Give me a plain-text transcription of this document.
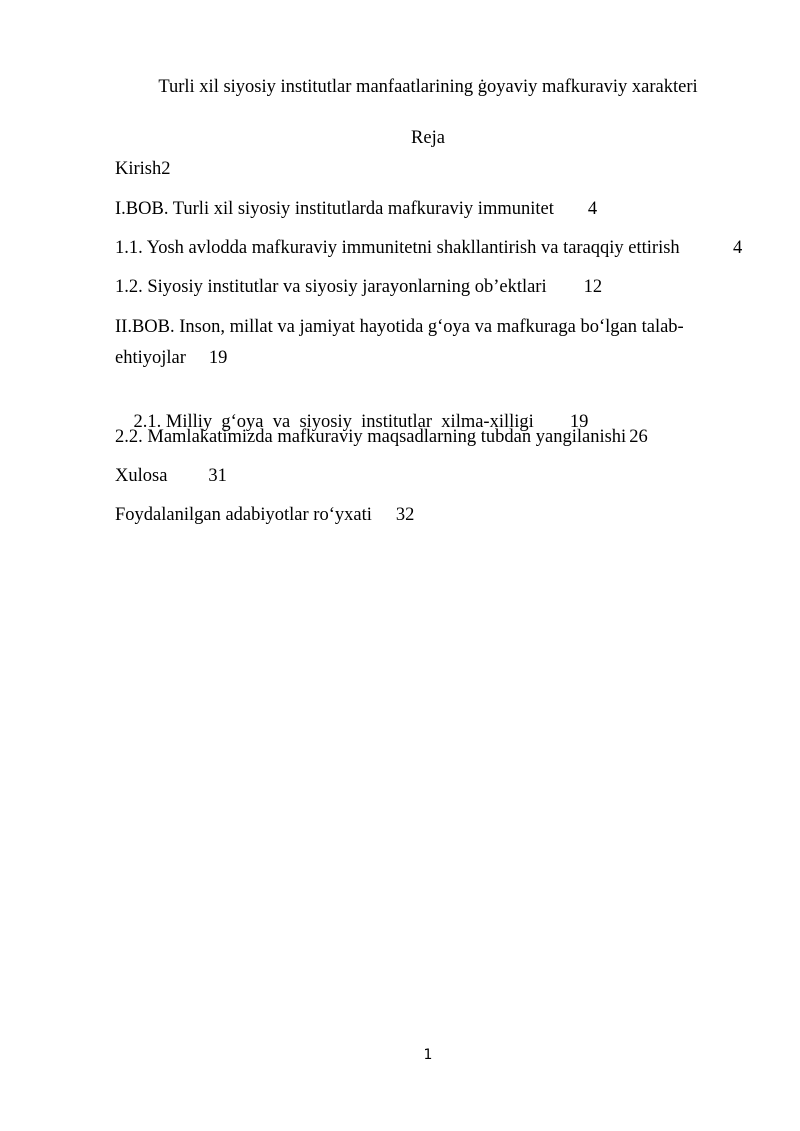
Turli xil siyosiy institutlar manfaatlarining ġoyaviy mafkuraviy xarakteri
Reja
Kirish2
I.BOB. Turli xil siyosiy institutlarda mafkuraviy immunitet 4
1.1. Yosh avlodda mafkuraviy immunitetni shakllantirish va taraqqiy ettirish	4
1.2. Siyosiy institutlar va siyosiy jarayonlarning ob’ektlari 12
II.BOB. Inson, millat va jamiyat hayotida g‘oya va mafkuraga bo‘lgan talab-
ehtiyojlar 19

2.1. Milliy  g‘oya  va  siyosiy  institutlar  xilma-xilligi 19

2.2. Mamlakatimizda mafkuraviy maqsadlarning tubdan yangilanishi 26
Xulosa 31
Foydalanilgan adabiyotlar ro‘yxati 32
1
